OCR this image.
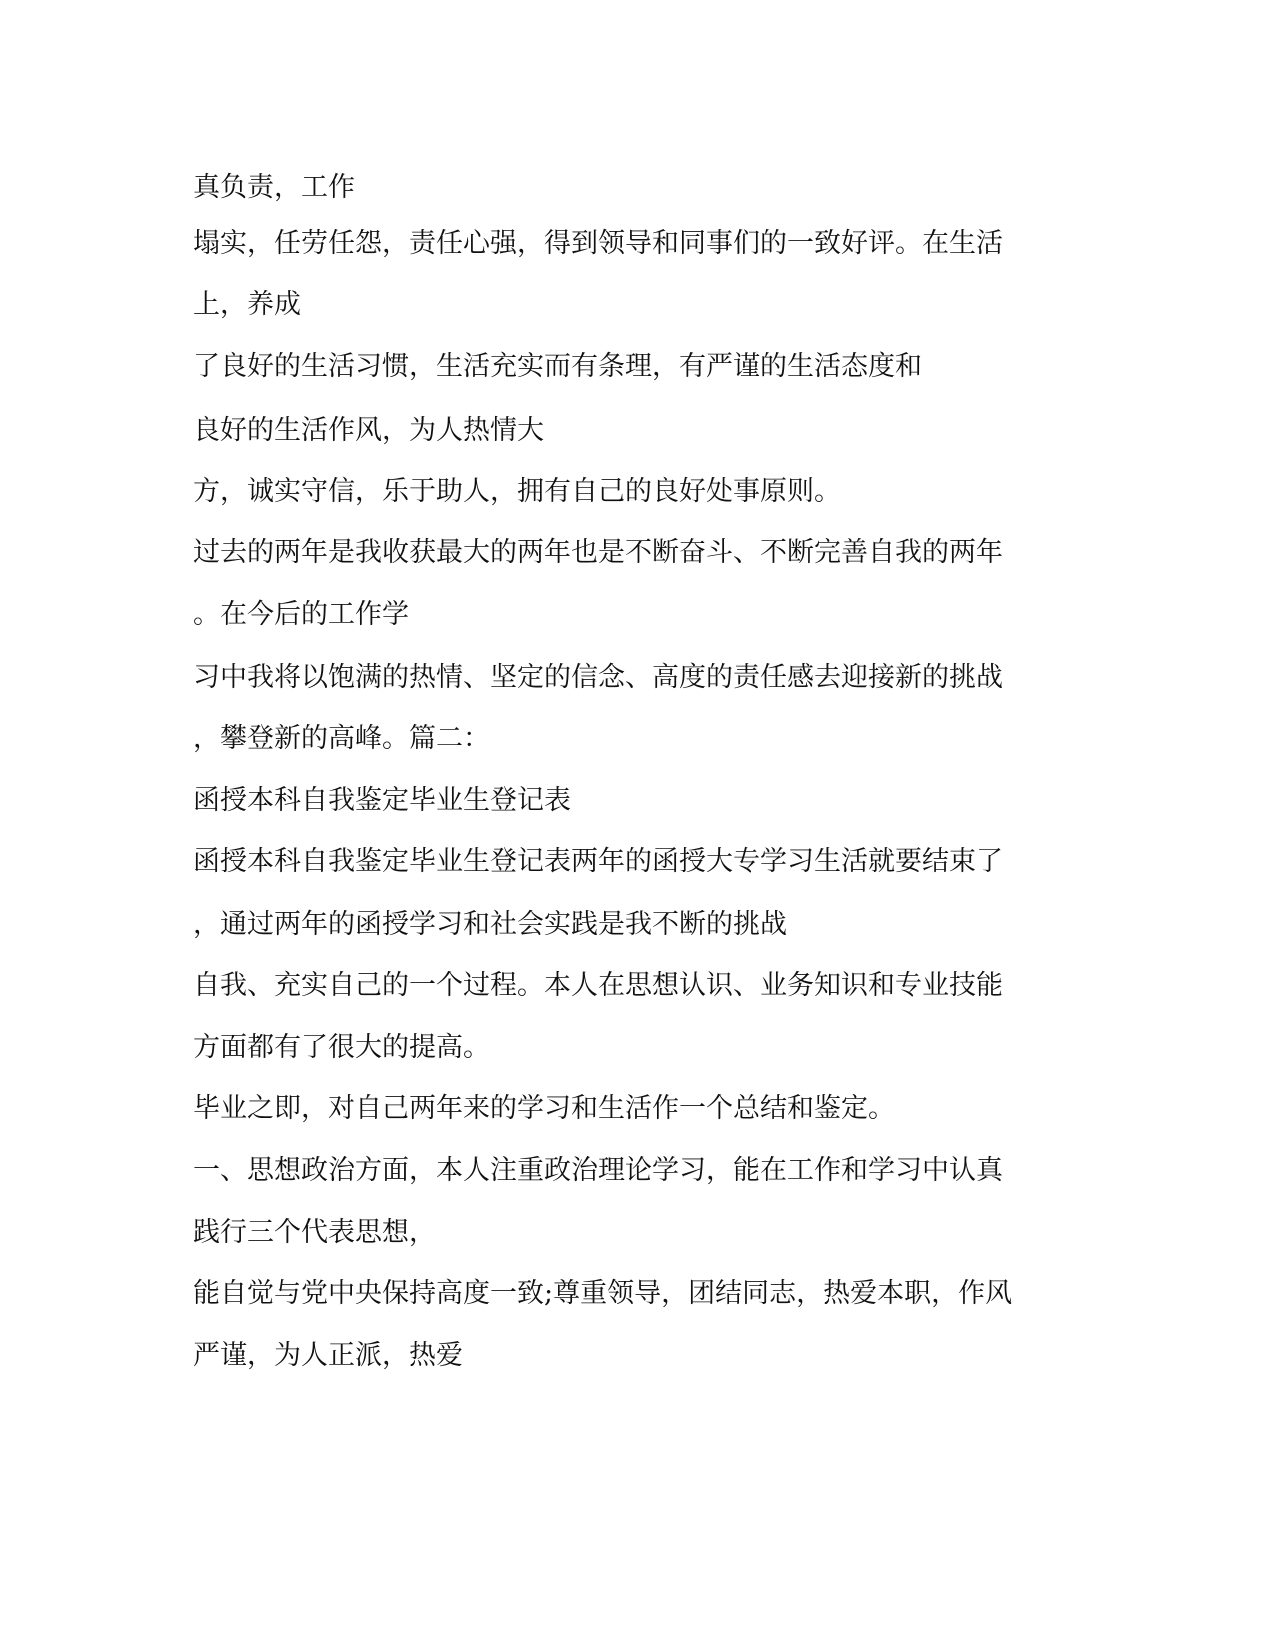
真负责，工作

塌实，任劳任怨，责任心强，得到领导和同事们的一致好评。在生活

上，养成

了良好的生活习惯，生活充实而有条理，有严谨的生活态度和

良好的生活作风，为人热情大

方，诚实守信，乐于助人，拥有自己的良好处事原则。

过去的两年是我收获最大的两年也是不断奋斗、不断完善自我的两年

。在今后的工作学

习中我将以饱满的热情、坚定的信念、高度的责任感去迎接新的挑战

，攀登新的高峰。篇二：

函授本科自我鉴定毕业生登记表

函授本科自我鉴定毕业生登记表两年的函授大专学习生活就要结束了

，通过两年的函授学习和社会实践是我不断的挑战

自我、充实自己的一个过程。本人在思想认识、业务知识和专业技能

方面都有了很大的提高。

毕业之即，对自己两年来的学习和生活作一个总结和鉴定。

一、思想政治方面，本人注重政治理论学习，能在工作和学习中认真

践行三个代表思想，

能自觉与党中央保持高度一致;尊重领导，团结同志，热爱本职，作风

严谨，为人正派，热爱
